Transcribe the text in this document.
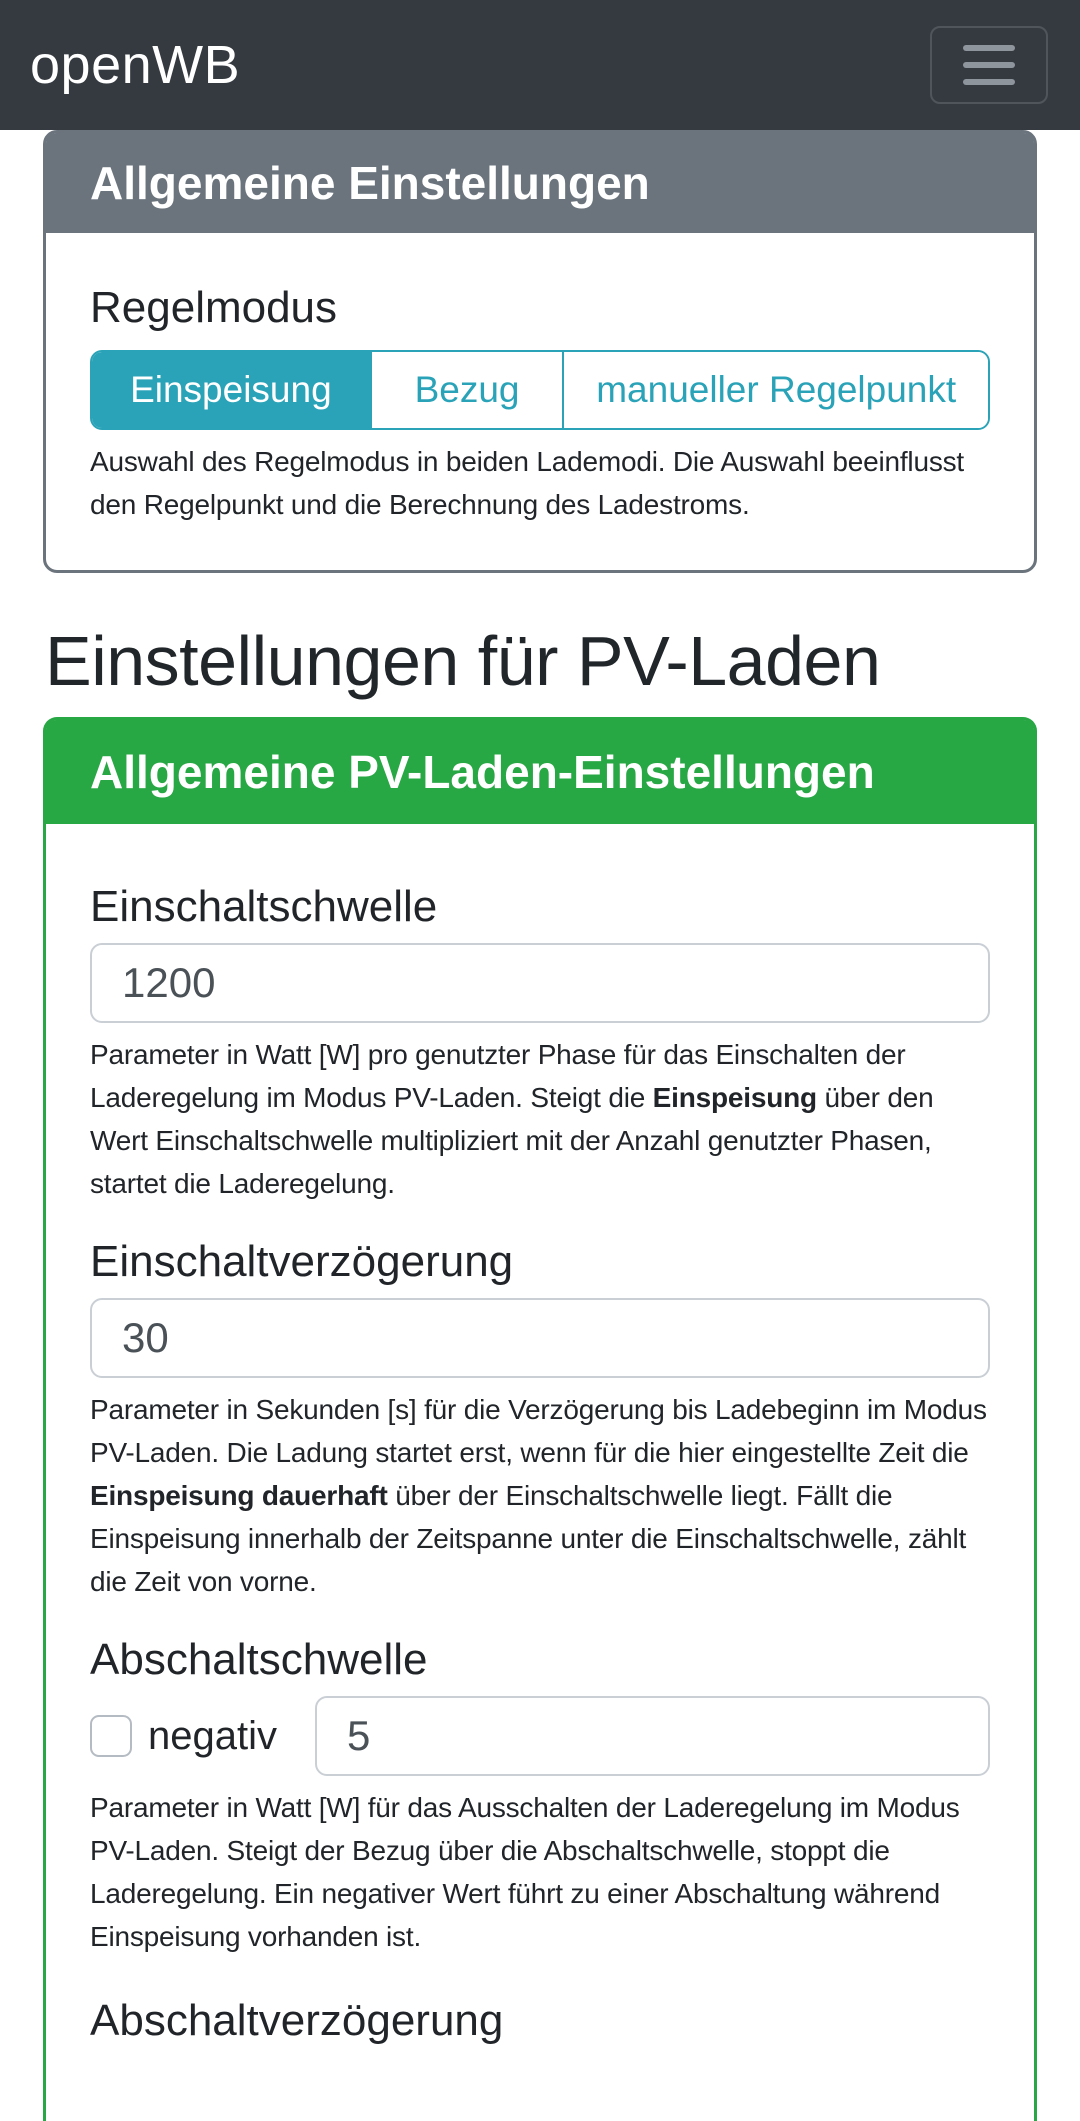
openWB
Allgemeine Einstellungen
Regelmodus
Einspeisung	Bezug	manueller Regelpunkt

Auswahl des Regelmodus in beiden Lademodi. Die Auswahl beeinflusst den Regelpunkt und die Berechnung des Ladestroms.

Einstellungen für PV-Laden
Allgemeine PV-Laden-Einstellungen
Einschaltschwelle
1200

Parameter in Watt [W] pro genutzter Phase für das Einschalten der Laderegelung im Modus PV-Laden. Steigt die Einspeisung über den Wert Einschaltschwelle multipliziert mit der Anzahl genutzter Phasen, startet die Laderegelung.

Einschaltverzögerung
30

Parameter in Sekunden [s] für die Verzögerung bis Ladebeginn im Modus PV-Laden. Die Ladung startet erst, wenn für die hier eingestellte Zeit die Einspeisung dauerhaft über der Einschaltschwelle liegt. Fällt die Einspeisung innerhalb der Zeitspanne unter die Einschaltschwelle, zählt die Zeit von vorne.

Abschaltschwelle
negativ
5

Parameter in Watt [W] für das Ausschalten der Laderegelung im Modus PV-Laden. Steigt der Bezug über die Abschaltschwelle, stoppt die Laderegelung. Ein negativer Wert führt zu einer Abschaltung während Einspeisung vorhanden ist.

Abschaltverzögerung
